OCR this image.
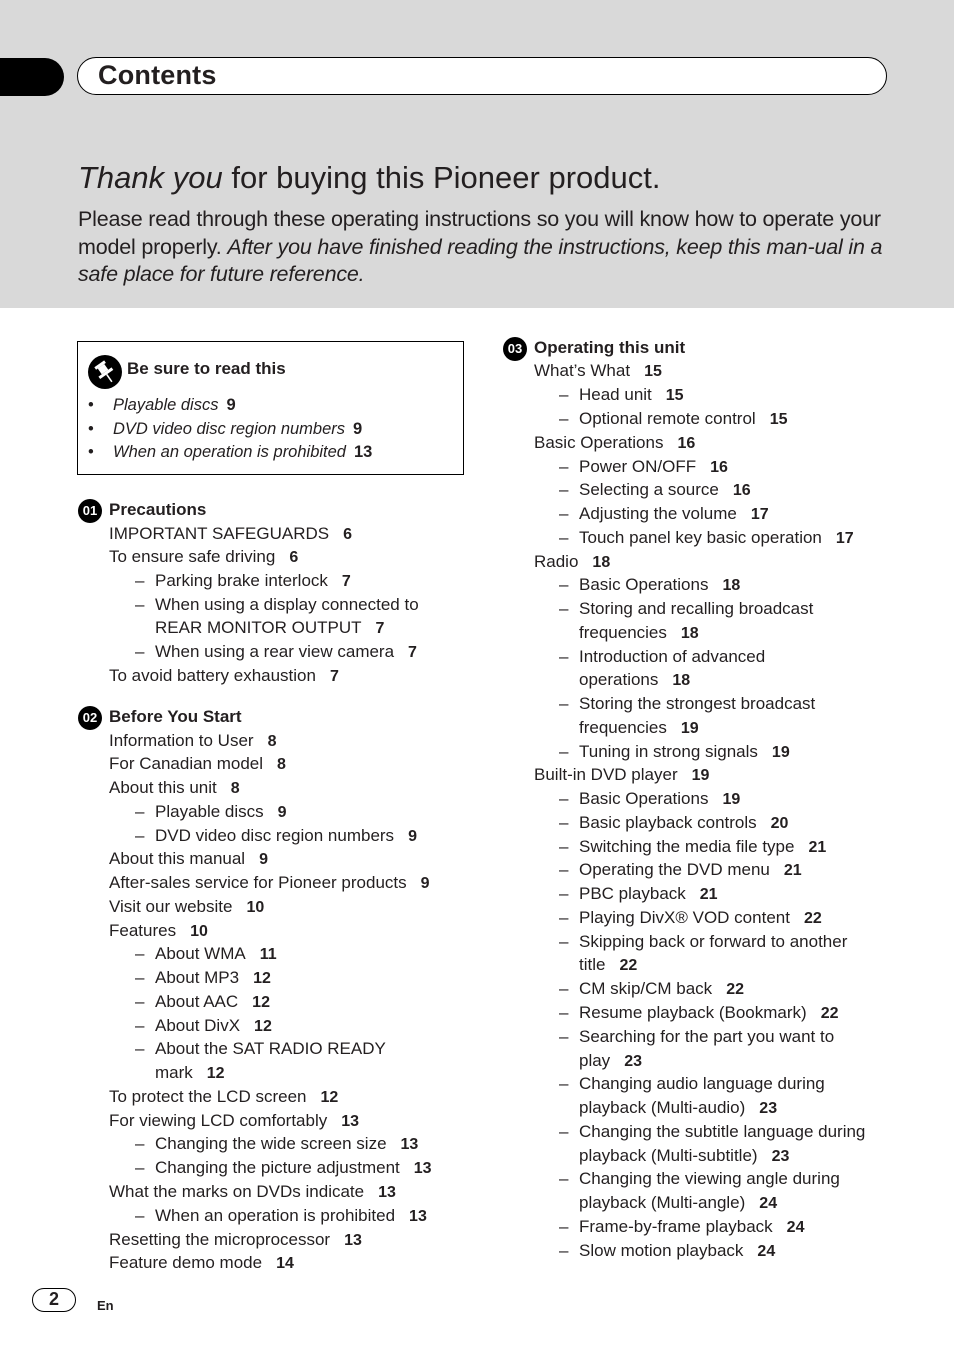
Contents
Thank you for buying this Pioneer product.
Please read through these operating instructions so you will know how to operate your model properly. After you have finished reading the instructions, keep this man-ual in a safe place for future reference.
Be sure to read this
• Playable discs 9
• DVD video disc region numbers 9
• When an operation is prohibited 13
01 Precautions
02 Before You Start
03 Operating this unit
IMPORTANT SAFEGUARDS 6
To ensure safe driving 6
– Parking brake interlock 7
– When using a display connected to
REAR MONITOR OUTPUT 7
– When using a rear view camera 7
To avoid battery exhaustion 7
Information to User 8
For Canadian model 8
About this unit 8
– Playable discs 9
– DVD video disc region numbers 9
About this manual 9
After-sales service for Pioneer products 9
Visit our website 10
Features 10
– About WMA 11
– About MP3 12
– About AAC 12
– About DivX 12
– About the SAT RADIO READY
mark 12
To protect the LCD screen 12
For viewing LCD comfortably 13
– Changing the wide screen size 13
– Changing the picture adjustment 13
What the marks on DVDs indicate 13
– When an operation is prohibited 13
Resetting the microprocessor 13
Feature demo mode 14
What’s What 15
– Head unit 15
– Optional remote control 15
Basic Operations 16
– Power ON/OFF 16
– Selecting a source 16
– Adjusting the volume 17
– Touch panel key basic operation 17
Radio 18
– Basic Operations 18
– Storing and recalling broadcast
frequencies 18
– Introduction of advanced
operations 18
– Storing the strongest broadcast
frequencies 19
– Tuning in strong signals 19
Built-in DVD player 19
– Basic Operations 19
– Basic playback controls 20
– Switching the media file type 21
– Operating the DVD menu 21
– PBC playback 21
– Playing DivX® VOD content 22
– Skipping back or forward to another
title 22
– CM skip/CM back 22
– Resume playback (Bookmark) 22
– Searching for the part you want to
play 23
– Changing audio language during
playback (Multi-audio) 23
– Changing the subtitle language during
playback (Multi-subtitle) 23
– Changing the viewing angle during
playback (Multi-angle) 24
– Frame-by-frame playback 24
– Slow motion playback 24
2	En
